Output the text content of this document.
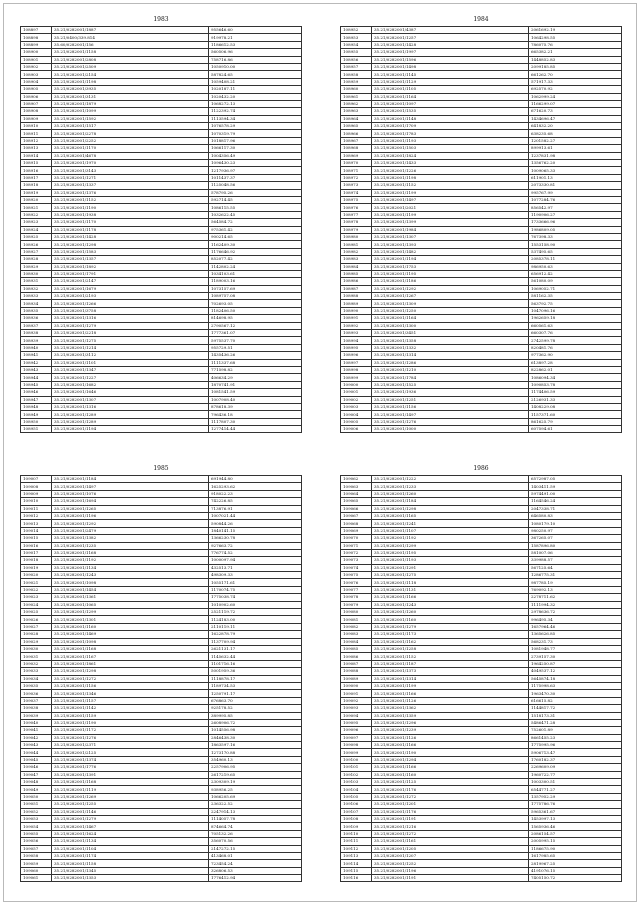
1983
108897	35.21/0282001/1887	955646.60
108898	35.21/0400/339.814	919978.21
108899	35.60/0282001/156	1186612.53
108900	35.21/0282001/1158	560506.96
108901	35.21/0282001/2808	758716.86
108902	35.21/0282001/2509	1050910.00
108903	35.21/0282001/2154	587824.65
108904	35.21/0282001/1198	1059408.21
108905	35.21/0282001/3935	1020187.11
108906	35.21/0282001/3131	1020432.20
108907	35.21/0282001/1879	1068272.13
108908	35.21/0282001/1099	1122392.74
108909	35.21/0282001/1592	1113594.34
108910	35.21/0282001/1517	1076578.29
108911	35.21/0282001/2278	1070319.79
108912	35.21/0282001/2252	1018817.96
108913	35.21/0282001/1170	1066117.30
108914	35.21/0282001/4678	1004356.49
108915	35.21/0282001/1970	1096430.23
108916	35.21/0282001/3143	1217936.97
108917	35.21/0282001/1271	1011437.37
108918	35.21/0282001/1337	1125048.56
108919	35.21/0282001/1376	578795.26
108920	35.21/0282001/1152	592714.45
108921	35.21/0282001/1190	1086115.55
108922	35.21/0282001/1938	1032622.45
108923	35.21/0282001/1170	564584.72
108924	35.21/0282001/1178	975361.42
108925	35.21/0282001/1428	900214.65
108926	35.21/0282001/1298	1162409.30
108927	35.21/0282001/1583	1176646.92
108928	35.21/0282001/1357	852077.42
108929	35.21/0282001/1892	1142802.24
108930	35.21/0282001/1791	1034103.61
108931	35.21/0282001/2147	1189003.16
108932	35.21/0282001/1679	1073157.69
108933	35.21/0282001/2193	1089757.08
108934	35.21/0282001/1266	702693.05
108935	35.21/0282001/3758	1182406.50
108936	35.21/0282001/1316	814698.95
108937	35.21/0282001/1279	2790567.12
108938	35.21/0282001/2218	1777361.07
108939	35.21/0282001/1275	5975537.70
108940	35.21/0282001/1214	955729.51
108941	35.21/0282001/3112	1435436.26
108942	35.21/0282001/1101	1111337.68
108943	35.21/0282001/1347	771598.82
108944	35.21/0282001/1227	406634.29
108945	35.21/0282001/1682	1870741.91
108946	35.21/0282001/1646	1081541.59
108947	35.21/0282001/1307	1007908.40
108948	35.21/0282001/1316	878618.39
108949	35.21/0282001/1289	796436.18
108950	35.21/0282001/1289	1117807.30
108951	35.21/0282001/1194	1277414.44
1984
108952	35.21/0282001/4387	2061692.19
108953	35.21/0282001/1257	1064298.55
108954	35.21/0282001/1428	786075.76
108955	35.21/0282001/1997	665382.21
108956	35.21/0282001/1596	1448852.83
108957	35.21/0282001/1498	2099185.85
108958	35.21/0282001/1145	661262.70
108959	35.21/0282001/1129	571917.33
108960	35.21/0282001/1105	692570.92
108961	35.21/0282001/1164	1062999.24
108962	35.21/0282001/1097	1166299.07
108963	35.21/0282001/1535	671620.73
108964	35.21/0282001/1148	1434696.47
108965	35.21/0282001/1709	641832.20
108966	35.21/0282001/1783	638235.68
108967	35.21/0282001/1193	1201582.27
108968	35.21/0282001/1503	899913.61
108969	35.21/0282001/1824	1237831.98
108970	35.21/0282001/1433	1356762.20
108971	35.21/0282001/1226	1009065.33
108972	35.21/0282001/1198	611901.13
108973	35.21/0282001/1152	2073330.81
108974	35.21/0282001/1199	995767.99
108975	35.21/0282001/1497	1077284.76
108976	35.21/0282001/2021	856542.97
108977	35.21/0282001/1199	1190906.27
108978	35.21/0282001/1399	1733666.96
108979	35.21/0282001/1984	1986809.05
108980	35.21/0282001/1307	767398.33
108981	35.21/0282001/1393	1553158.90
108982	35.21/0282001/1482	537495.65
108983	35.21/0282001/1194	2085378.11
108984	35.21/0282001/1753	986950.63
108985	35.21/0282001/1195	656912.42
108986	35.21/0282001/1186	561080.09
108987	35.21/0282001/1292	1069052.71
108988	35.21/0282001/1267	581162.35
108989	35.21/0282001/1309	563792.75
108990	35.21/0282001/1250	1047096.16
108991	35.21/0282001/1164	1962659.18
108992	35.21/0282001/1300	660561.63
108993	35.21/0282001/3451	660307.76
108994	35.21/0282001/1358	2742599.78
108995	35.21/0282001/1332	820481.76
108996	35.21/0282001/1314	977362.90
108997	35.21/0282001/1286	613897.28
108998	35.21/0282001/1210	822862.01
108999	35.21/0282001/1784	1086094.34
109000	35.21/0282001/1525	1090853.78
109001	35.21/0282001/1936	1174406.59
109002	35.21/0282001/1251	2126931.33
109003	35.21/0282001/1156	1408229.08
109004	35.21/0282001/1497	1157371.60
109005	35.21/0282001/1276	861625.79
109006	35.21/0282001/1000	607594.61
1985
109007	35.21/0282001/1184	691944.80
109008	35.21/0282001/1497	1625293.62
109009	35.21/0282001/1076	918022.23
109010	35.21/0282001/1694	742226.85
109011	35.21/0282001/1265	713876.91
109012	35.21/0282001/1196	1007021.44
109013	35.21/0282001/1292	590844.26
109014	35.21/0282001/2479	1840141.15
109015	35.21/0282001/1382	1366230.78
109016	35.21/0282001/1235	927663.72
109017	35.21/0282001/1168	776774.52
109018	35.21/0282001/1192	1000097.94
109019	35.21/0282001/1134	432513.71
109020	35.21/0282001/1243	498309.33
109021	35.21/0282001/1098	1055171.61
109022	35.21/0282001/1454	1170074.75
109023	35.21/0282001/1361	1775038.74
109024	35.21/0282001/1065	1010902.60
109025	35.21/0282001/1299	2521119.72
109026	35.21/0282001/1301	1124183.00
109027	35.21/0282001/1160	2110119.11
109028	35.21/0282001/1469	1622878.79
109029	35.21/0282001/1098	1137709.94
109030	35.21/0282001/1168	2621131.17
109031	35.21/0282001/1167	1145632.44
109032	35.21/0282001/1861	1101716.16
109033	35.21/0282001/1298	5001959.36
109034	35.21/0282001/1272	1118878.17
109035	35.21/0282001/1156	1189734.53
109036	35.21/0282001/1346	1250791.17
109037	35.21/0282001/1157	676863.70
109038	35.21/0282001/1142	925178.52
109039	35.21/0282001/1159	389995.85
109040	35.21/0282001/1190	2608906.72
109041	35.21/0282001/1172	1014556.98
109042	35.21/0282001/1276	2846438.30
109043	35.21/0282001/2371	1863597.16
109044	35.21/0282001/2125	1273170.88
109045	35.21/0282001/1374	354960.13
109046	35.21/0282001/1776	2257906.95
109047	35.21/0282001/1391	2617219.65
109048	35.21/0282001/1168	2309309.19
109049	35.21/0282001/1119	938956.25
109050	35.21/0282001/1269	1066205.69
109051	35.21/0282001/1255	236322.52
109052	35.21/0282001/1146	2247914.13
109053	35.21/0282001/1279	1114057.78
109054	35.21/0282001/1467	874664.74
109055	35.21/0282001/1624	705132.26
109056	35.21/0282001/1134	356070.56
109057	35.21/0282001/1104	2147272.15
109058	35.21/0282001/1174	413468.01
109059	35.21/0282001/1158	723454.24
109060	35.21/0282001/1345	326806.53
109061	35.21/0282001/1353	1776412.94
1986
109062	35.21/0282001/1222	6572987.05
109063	35.21/0282001/1233	1403411.59
109064	35.21/0282001/1260	5974491.00
109065	35.21/0282001/1184	1164546.24
109066	35.21/0282001/1298	2047338.71
109067	35.21/0282001/1165	646580.83
109068	35.21/0282001/1241	1080179.10
109069	35.21/0282001/1107	980250.97
109070	35.21/0282001/1192	367265.07
109071	35.21/0282001/1299	1587896.80
109072	35.21/0282001/1195	581007.06
109073	35.21/0282001/1193	339988.57
109074	35.21/0282001/1291	567125.64
109075	35.21/0282001/1275	1286775.31
109076	35.21/0282001/1118	987785.19
109077	35.21/0282001/1131	769092.13
109078	35.21/0282001/1166	2278711.62
109079	35.21/0282001/1243	1111994.32
109080	35.21/0282001/1260	2978636.72
109081	35.21/0282001/1160	996495.34
109082	35.21/0282001/1279	1657964.46
109083	35.21/0282001/1173	1365626.85
109084	35.21/0282001/1162	568231.73
109085	35.21/0282001/1258	1081948.77
109086	35.21/0282001/1152	2739157.30
109087	35.21/0282001/1187	1964250.87
109088	35.21/0282001/1373	4049537.12
109089	35.21/0282001/1314	5645874.18
109090	35.21/0282001/1199	1175998.63
109091	35.21/0282001/1166	1963470.30
109092	35.21/0282001/1126	616615.82
109093	35.21/0282001/1362	1144817.72
109094	35.21/0282001/1359	1518173.31
109095	35.21/0282001/1296	5486471.28
109096	35.21/0282001/1239	752601.89
109097	35.21/0282001/1126	8661455.23
109098	35.21/0282001/1166	1775995.96
109099	35.21/0282001/1190	5906713.47
109100	35.21/0282001/1294	1760182.37
109101	35.21/0282001/1166	2269609.09
109102	35.21/0282001/1160	1960722.77
109103	35.21/0282001/1125	1003300.51
109104	35.21/0282001/1176	6544771.27
109105	35.21/0282001/1272	1357952.29
109106	35.21/0282001/1201	1775786.76
109107	35.21/0282001/1176	5965361.67
109108	35.21/0282001/1191	1453997.13
109109	35.21/0282001/1216	1565936.46
109110	35.21/0282001/1272	2086154.57
109111	35.21/0282001/1161	2005995.15
109112	35.21/0282001/1205	1186675.90
109113	35.21/0282001/1207	1617985.65
109114	35.21/0282001/1252	2819967.25
109115	35.21/0282001/1196	4191076.15
109116	35.21/0282001/1191	7405150.72
